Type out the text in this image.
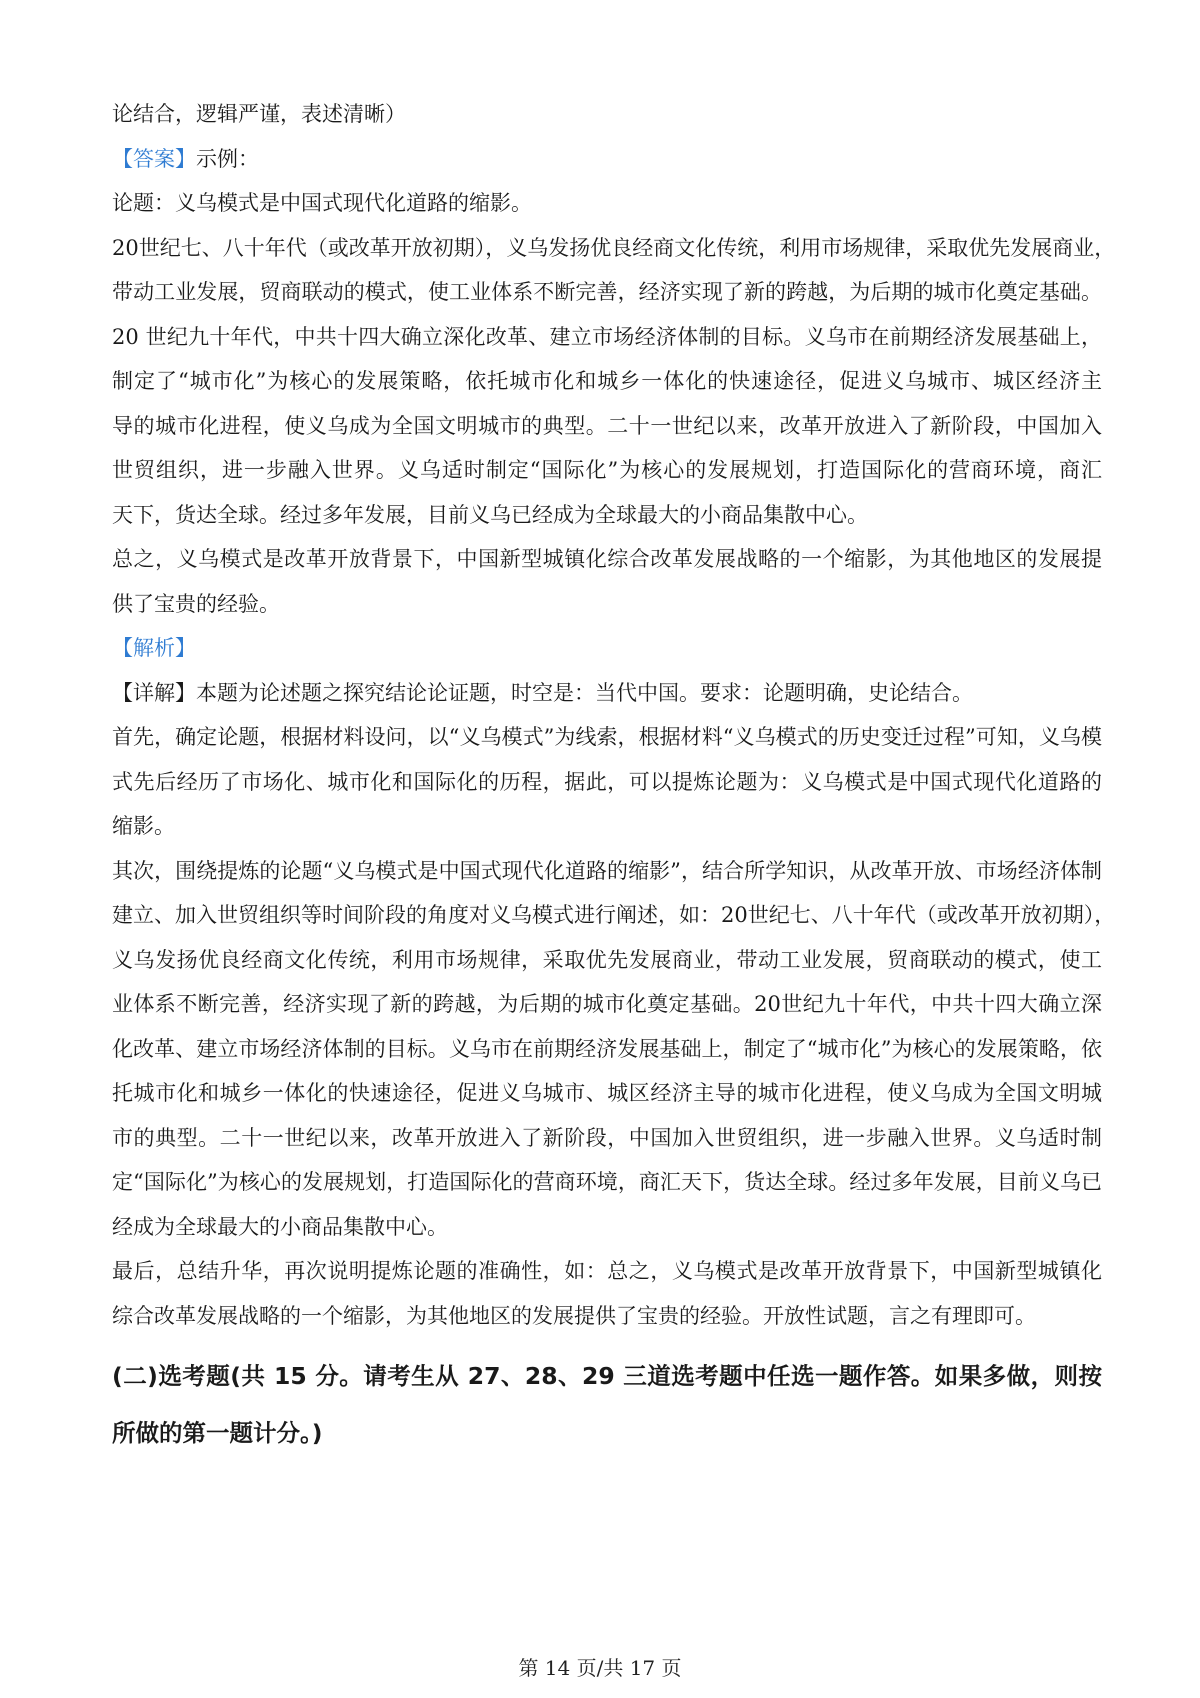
论结合，逻辑严谨，表述清晰）
【答案】示例：
论题：义乌模式是中国式现代化道路的缩影。
20世纪七、八十年代（或改革开放初期），义乌发扬优良经商文化传统，利用市场规律，采取优先发展商业，
带动工业发展，贸商联动的模式，使工业体系不断完善，经济实现了新的跨越，为后期的城市化奠定基础。
20 世纪九十年代，中共十四大确立深化改革、建立市场经济体制的目标。义乌市在前期经济发展基础上，
制定了“城市化”为核心的发展策略，依托城市化和城乡一体化的快速途径，促进义乌城市、城区经济主
导的城市化进程，使义乌成为全国文明城市的典型。二十一世纪以来，改革开放进入了新阶段，中国加入
世贸组织，进一步融入世界。义乌适时制定“国际化”为核心的发展规划，打造国际化的营商环境，商汇
天下，货达全球。经过多年发展，目前义乌已经成为全球最大的小商品集散中心。
总之，义乌模式是改革开放背景下，中国新型城镇化综合改革发展战略的一个缩影，为其他地区的发展提
供了宝贵的经验。
【解析】
【详解】本题为论述题之探究结论论证题，时空是：当代中国。要求：论题明确，史论结合。
首先，确定论题，根据材料设问，以“义乌模式”为线索，根据材料“义乌模式的历史变迁过程”可知，义乌模
式先后经历了市场化、城市化和国际化的历程，据此，可以提炼论题为：义乌模式是中国式现代化道路的
缩影。
其次，围绕提炼的论题“义乌模式是中国式现代化道路的缩影”，结合所学知识，从改革开放、市场经济体制
建立、加入世贸组织等时间阶段的角度对义乌模式进行阐述，如：20世纪七、八十年代（或改革开放初期），
义乌发扬优良经商文化传统，利用市场规律，采取优先发展商业，带动工业发展，贸商联动的模式，使工
业体系不断完善，经济实现了新的跨越，为后期的城市化奠定基础。20世纪九十年代，中共十四大确立深
化改革、建立市场经济体制的目标。义乌市在前期经济发展基础上，制定了“城市化”为核心的发展策略，依
托城市化和城乡一体化的快速途径，促进义乌城市、城区经济主导的城市化进程，使义乌成为全国文明城
市的典型。二十一世纪以来，改革开放进入了新阶段，中国加入世贸组织，进一步融入世界。义乌适时制
定“国际化”为核心的发展规划，打造国际化的营商环境，商汇天下，货达全球。经过多年发展，目前义乌已
经成为全球最大的小商品集散中心。
最后，总结升华，再次说明提炼论题的准确性，如：总之，义乌模式是改革开放背景下，中国新型城镇化
综合改革发展战略的一个缩影，为其他地区的发展提供了宝贵的经验。开放性试题，言之有理即可。
(二)选考题(共 15 分。请考生从 27、28、29 三道选考题中任选一题作答。如果多做，则按
所做的第一题计分。)
第 14 页/共 17 页
